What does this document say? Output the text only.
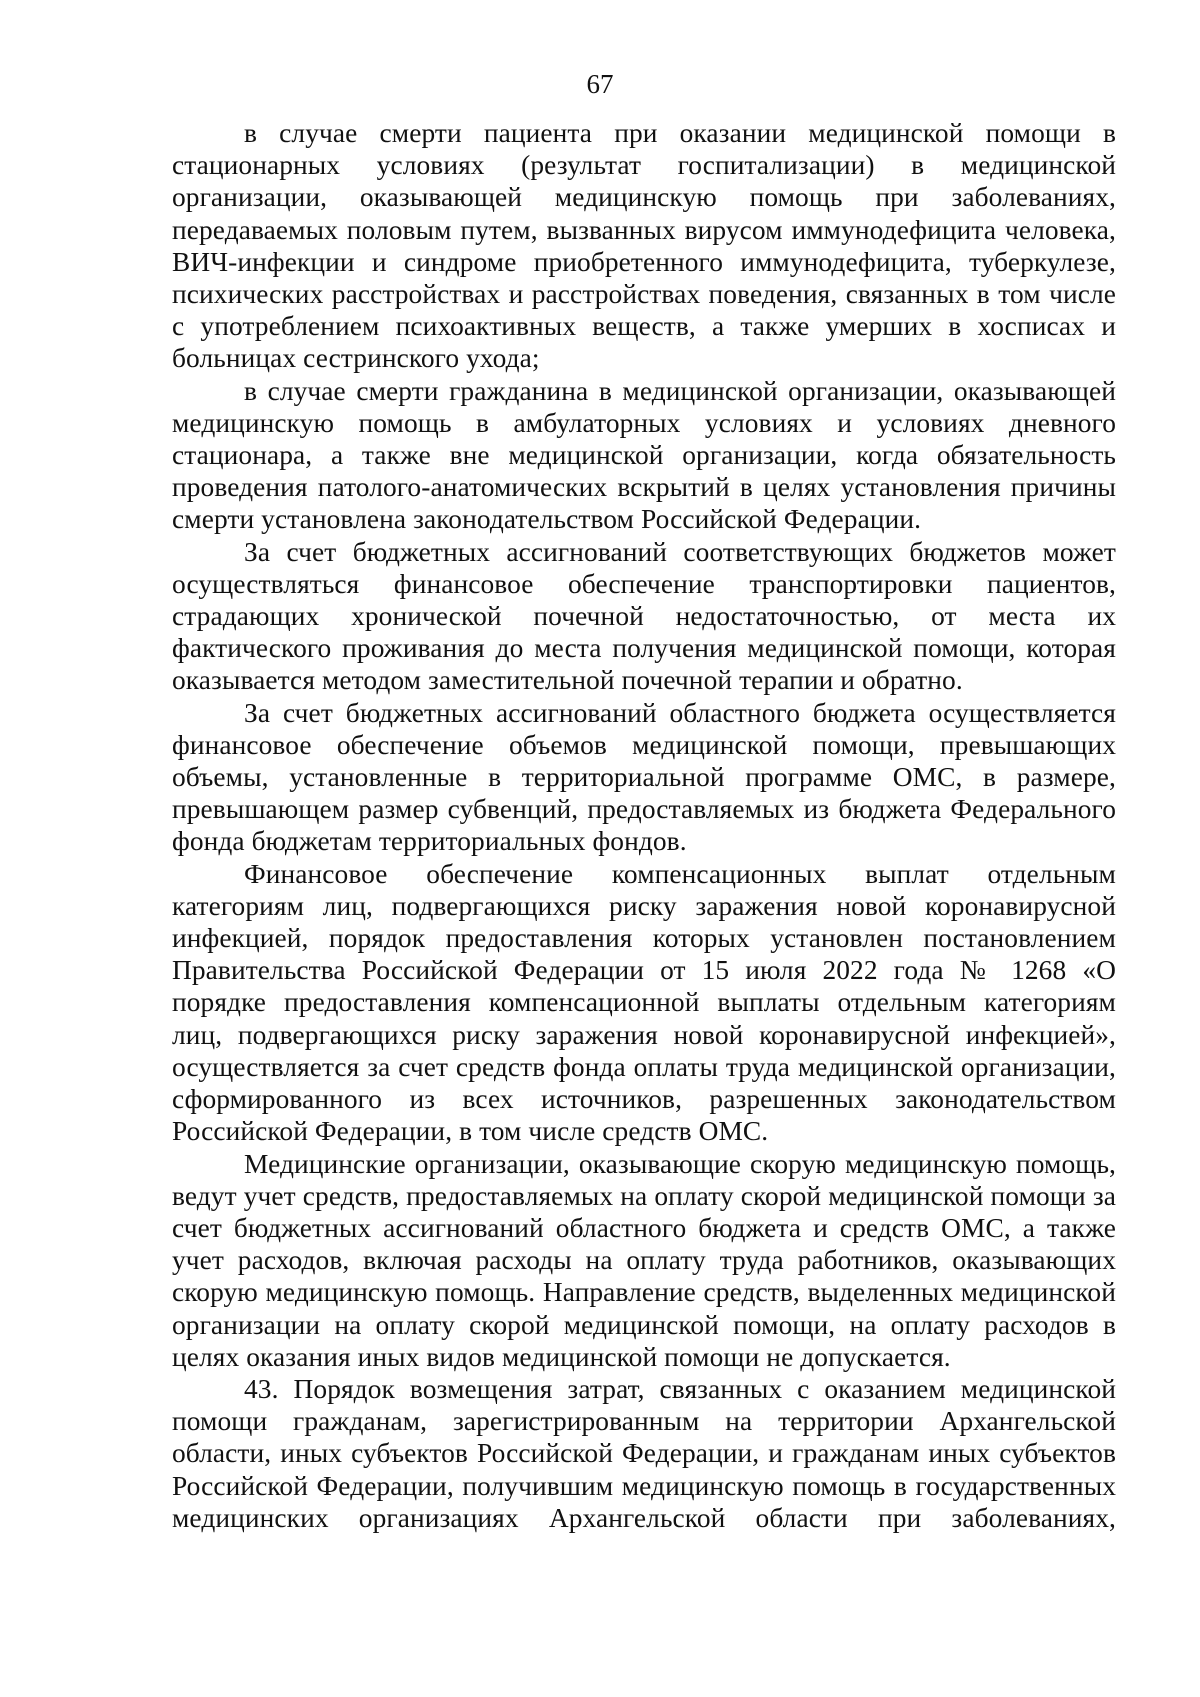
67

в случае смерти пациента при оказании медицинской помощи в стационарных условиях (результат госпитализации) в медицинской организации, оказывающей медицинскую помощь при заболеваниях, передаваемых половым путем, вызванных вирусом иммунодефицита человека, ВИЧ-инфекции и синдроме приобретенного иммунодефицита, туберкулезе, психических расстройствах и расстройствах поведения, связанных в том числе с употреблением психоактивных веществ, а также умерших в хосписах и больницах сестринского ухода;

в случае смерти гражданина в медицинской организации, оказывающей медицинскую помощь в амбулаторных условиях и условиях дневного стационара, а также вне медицинской организации, когда обязательность проведения патолого-анатомических вскрытий в целях установления причины смерти установлена законодательством Российской Федерации.

За счет бюджетных ассигнований соответствующих бюджетов может осуществляться финансовое обеспечение транспортировки пациентов, страдающих хронической почечной недостаточностью, от места их фактического проживания до места получения медицинской помощи, которая оказывается методом заместительной почечной терапии и обратно.

За счет бюджетных ассигнований областного бюджета осуществляется финансовое обеспечение объемов медицинской помощи, превышающих объемы, установленные в территориальной программе ОМС, в размере, превышающем размер субвенций, предоставляемых из бюджета Федерального фонда бюджетам территориальных фондов.

Финансовое обеспечение компенсационных выплат отдельным категориям лиц, подвергающихся риску заражения новой коронавирусной инфекцией, порядок предоставления которых установлен постановлением Правительства Российской Федерации от 15 июля 2022 года № 1268 «О порядке предоставления компенсационной выплаты отдельным категориям лиц, подвергающихся риску заражения новой коронавирусной инфекцией», осуществляется за счет средств фонда оплаты труда медицинской организации, сформированного из всех источников, разрешенных законодательством Российской Федерации, в том числе средств ОМС.

Медицинские организации, оказывающие скорую медицинскую помощь, ведут учет средств, предоставляемых на оплату скорой медицинской помощи за счет бюджетных ассигнований областного бюджета и средств ОМС, а также учет расходов, включая расходы на оплату труда работников, оказывающих скорую медицинскую помощь. Направление средств, выделенных медицинской организации на оплату скорой медицинской помощи, на оплату расходов в целях оказания иных видов медицинской помощи не допускается.

43. Порядок возмещения затрат, связанных с оказанием медицинской помощи гражданам, зарегистрированным на территории Архангельской области, иных субъектов Российской Федерации, и гражданам иных субъектов Российской Федерации, получившим медицинскую помощь в государственных медицинских организациях Архангельской области при заболеваниях,
